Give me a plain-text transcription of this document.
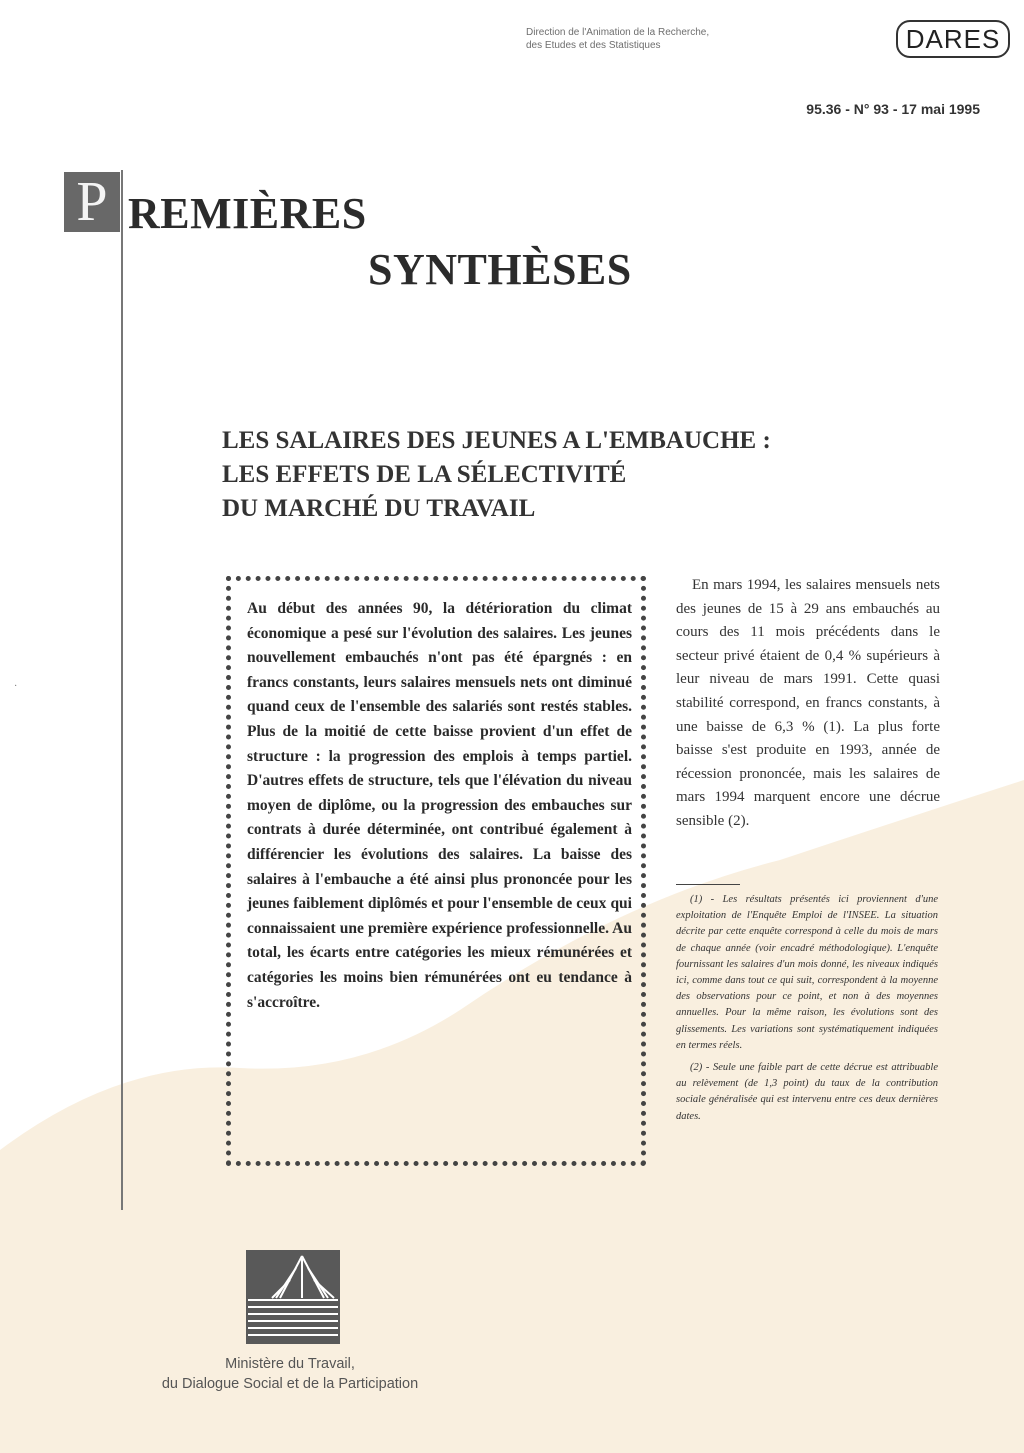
Direction de l'Animation de la Recherche,
des Etudes et des Statistiques	DARES
95.36 - N° 93 - 17 mai 1995
P REMIÈRES
SYNTHÈSES
LES SALAIRES DES JEUNES A L'EMBAUCHE :
LES EFFETS DE LA SÉLECTIVITÉ
DU MARCHÉ DU TRAVAIL
Au début des années 90, la détérioration du climat économique a pesé sur l'évolution des salaires. Les jeunes nouvellement embauchés n'ont pas été épargnés : en francs constants, leurs salaires mensuels nets ont diminué quand ceux de l'ensemble des salariés sont restés stables. Plus de la moitié de cette baisse provient d'un effet de structure : la progression des emplois à temps partiel. D'autres effets de structure, tels que l'élévation du niveau moyen de diplôme, ou la progression des embauches sur contrats à durée déterminée, ont contribué également à différencier les évolutions des salaires. La baisse des salaires à l'embauche a été ainsi plus prononcée pour les jeunes faiblement diplômés et pour l'ensemble de ceux qui connaissaient une première expérience professionnelle. Au total, les écarts entre catégories les mieux rémunérées et catégories les moins bien rémunérées ont eu tendance à s'accroître.
En mars 1994, les salaires mensuels nets des jeunes de 15 à 29 ans embauchés au cours des 11 mois précédents dans le secteur privé étaient de 0,4 % supérieurs à leur niveau de mars 1991. Cette quasi stabilité correspond, en francs constants, à une baisse de 6,3 % (1). La plus forte baisse s'est produite en 1993, année de récession prononcée, mais les salaires de mars 1994 marquent encore une décrue sensible (2).

(1) - Les résultats présentés ici proviennent d'une exploitation de l'Enquête Emploi de l'INSEE. La situation décrite par cette enquête correspond à celle du mois de mars de chaque année (voir encadré méthodologique). L'enquête fournissant les salaires d'un mois donné, les niveaux indiqués ici, comme dans tout ce qui suit, correspondent à la moyenne des observations pour ce point, et non à des moyennes annuelles. Pour la même raison, les évolutions sont des glissements. Les variations sont systématiquement indiquées en termes réels.

(2) - Seule une faible part de cette décrue est attribuable au relèvement (de 1,3 point) du taux de la contribution sociale généralisée qui est intervenu entre ces deux dernières dates.

Ministère du Travail,
du Dialogue Social et de la Participation
·
